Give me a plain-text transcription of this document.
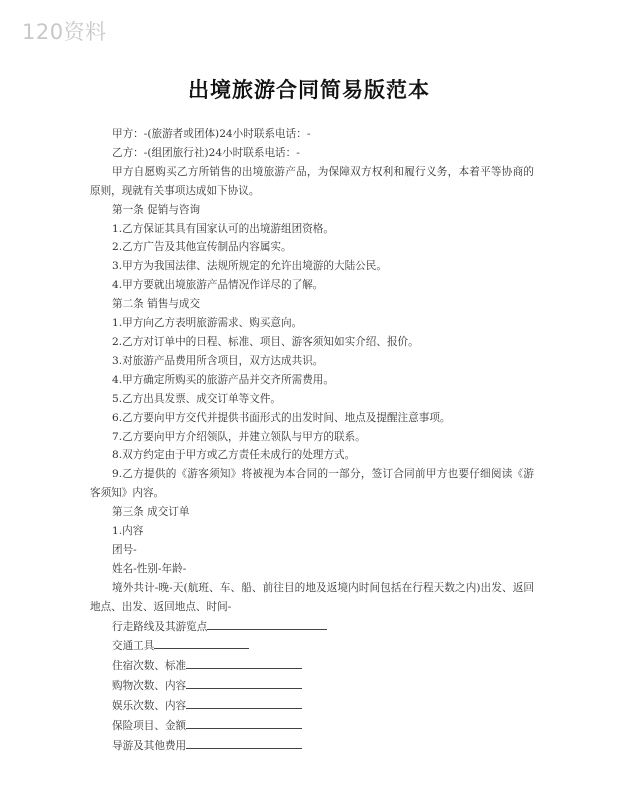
120资料
出境旅游合同简易版范本

甲方：-(旅游者或团体)24小时联系电话：-

乙方：-(组团旅行社)24小时联系电话：-

甲方自愿购买乙方所销售的出境旅游产品，为保障双方权利和履行义务，本着平等协商的原则，现就有关事项达成如下协议。

第一条 促销与咨询

1.乙方保证其具有国家认可的出境游组团资格。

2.乙方广告及其他宣传制品内容属实。

3.甲方为我国法律、法规所规定的允许出境游的大陆公民。

4.甲方要就出境旅游产品情况作详尽的了解。

第二条 销售与成交

1.甲方向乙方表明旅游需求、购买意向。

2.乙方对订单中的日程、标准、项目、游客须知如实介绍、报价。

3.对旅游产品费用所含项目，双方达成共识。

4.甲方确定所购买的旅游产品并交齐所需费用。

5.乙方出具发票、成交订单等文件。

6.乙方要向甲方交代并提供书面形式的出发时间、地点及提醒注意事项。

7.乙方要向甲方介绍领队，并建立领队与甲方的联系。

8.双方约定由于甲方或乙方责任未成行的处理方式。

9.乙方提供的《游客须知》将被视为本合同的一部分，签订合同前甲方也要仔细阅读《游客须知》内容。

第三条 成交订单

1.内容

团号-

姓名-性别-年龄-

境外共计-晚-天(航班、车、船、前往目的地及返境内时间包括在行程天数之内)出发、返回地点、出发、返回地点、时间-

行走路线及其游览点

交通工具

住宿次数、标准

购物次数、内容

娱乐次数、内容

保险项目、金额

导游及其他费用
